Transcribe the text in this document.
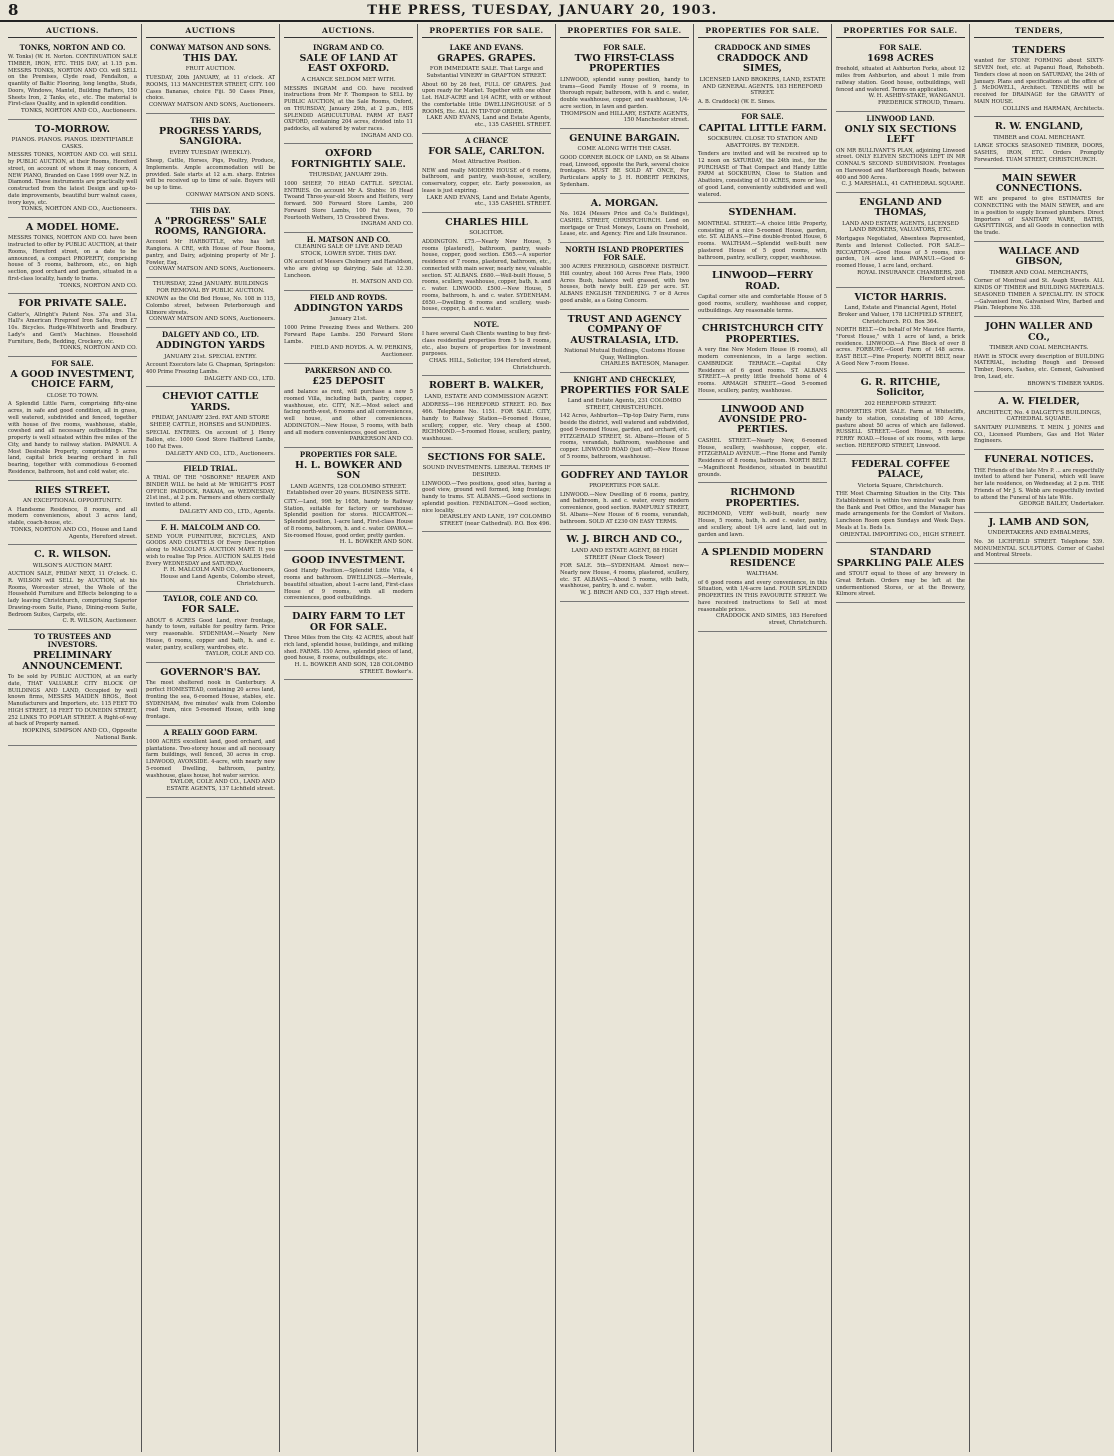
8	THE PRESS, TUESDAY, JANUARY 20, 1903.
AUCTIONS.
TONKS, NORTON AND CO.
W. Tonks) (W. H. Norton. CONTINUATION SALE TIMBER, IRON, ETC. THIS DAY, at 1.15 p.m. MESSRS TONKS, NORTON AND CO. will SELL on the Premises, Clyde road, Fendalton, a quantity of Baltic Flooring, long lengths, Studs, Doors, Windows, Mantel, Building Rafters, 150 Sheets Iron, 2 Tanks, etc., etc. The material is First-class Quality, and in splendid condition.
TONKS, NORTON AND CO., Auctioneers.
TO-MORROW.
PIANOS. PIANOS. PIANOS. IDENTIFIABLE CASKS.
MESSRS TONKS, NORTON AND CO. will SELL by PUBLIC AUCTION, at their Rooms, Hereford street, on account of whom it may concern, A NEW PIANO, Branded on Case 1999 over N.Z. in Diamond. These instruments are practically well constructed from the latest Design and up-to-date improvements, beautiful burr walnut cases, ivory keys, etc.
TONKS, NORTON AND CO., Auctioneers.
A MODEL HOME.
MESSRS TONKS, NORTON AND CO. have been instructed to offer by PUBLIC AUCTION, at their Rooms, Hereford street, on a date to be announced, a compact PROPERTY, comprising house of 5 rooms, bathroom, etc., on high section, good orchard and garden, situated in a first-class locality, handy to trams.
TONKS, NORTON AND CO.
FOR PRIVATE SALE.
Catter's, Allright's Patent Nos. 37a and 31a. Hall's American Fireproof Iron Safes, from £7 10s. Bicycles. Rudge-Whitworth and Bradbury. Lady's and Gent's Machines. Household Furniture, Beds, Bedding, Crockery, etc.
TONKS, NORTON AND CO.
FOR SALE.
A GOOD INVESTMENT, CHOICE FARM,
CLOSE TO TOWN.
A Splendid Little Farm, comprising fifty-nine acres, in safe and good condition, all in grass, well watered, subdivided and fenced, together with house of five rooms, washhouse, stable, cowshed and all necessary outbuildings. The property is well situated within five miles of the City, and handy to railway station. PAPANUI. A Most Desirable Property, comprising 5 acres land, capital brick bearing orchard in full bearing, together with commodious 6-roomed Residence, bathroom, hot and cold water, etc.
RIES STREET.
AN EXCEPTIONAL OPPORTUNITY.
A Handsome Residence, 8 rooms, and all modern conveniences, about 3 acres land, stable, coach-house, etc.
TONKS, NORTON AND CO., House and Land Agents, Hereford street.
C. R. WILSON.
WILSON'S AUCTION MART.
AUCTION SALE, FRIDAY NEXT, 11 O'clock. C. R. WILSON will SELL by AUCTION, at his Rooms, Worcester street, the Whole of the Household Furniture and Effects belonging to a lady leaving Christchurch, comprising Superior Drawing-room Suite, Piano, Dining-room Suite, Bedroom Suites, Carpets, etc.
C. R. WILSON, Auctioneer.
TO TRUSTEES AND INVESTORS.
PRELIMINARY ANNOUNCEMENT.
To be sold by PUBLIC AUCTION, at an early date, THAT VALUABLE CITY BLOCK OF BUILDINGS AND LAND, Occupied by well known firms, MESSRS MAIDEN BROS., Boot Manufacturers and Importers, etc. 115 FEET TO HIGH STREET, 18 FEET TO DUNEDIN STREET, 252 LINKS TO POPLAR STREET. A Right-of-way at back of Property named.
HOPKINS, SIMPSON AND CO., Opposite National Bank.
AUCTIONS
CONWAY MATSON AND SONS.
THIS DAY.
FRUIT AUCTION.
TUESDAY, 20th JANUARY, at 11 o'clock. AT ROOMS, 113 MANCHESTER STREET, CITY. 100 Cases Bananas, choice Fiji. 50 Cases Pines, choice.
CONWAY MATSON AND SONS, Auctioneers.
THIS DAY.
PROGRESS YARDS, SANGIORA.
EVERY TUESDAY (WEEKLY).
Sheep, Cattle, Horses, Pigs, Poultry, Produce, Implements. Ample accommodation will be provided. Sale starts at 12 a.m. sharp. Entries will be received up to time of sale. Buyers will be up to time.
CONWAY MATSON AND SONS.
THIS DAY.
A "PROGRESS" SALE ROOMS, RANGIORA.
Account Mr HARBOTTLE, who has left Rangiora. A CRE, with House of Four Rooms, pantry, and Dairy, adjoining property of Mr J. Fowler, Esq.
CONWAY MATSON AND SONS, Auctioneers.
THURSDAY, 22nd JANUARY. BUILDINGS FOR REMOVAL BY PUBLIC AUCTION.
KNOWN as the Old Bed House, No. 108 in 115, Colombo street, between Peterborough and Kilmore streets.
CONWAY MATSON AND SONS, Auctioneers.
DALGETY AND CO., LTD.
ADDINGTON YARDS
JANUARY 21st. SPECIAL ENTRY.
Account Executors late G. Chapman, Springston: 400 Prime Freezing Lambs.
DALGETY AND CO., LTD.
CHEVIOT CATTLE YARDS.
FRIDAY, JANUARY 23rd. FAT AND STORE SHEEP, CATTLE, HORSES and SUNDRIES.
SPECIAL ENTRIES. On account of J. Henry Ballon, etc. 1000 Good Store Halfbred Lambs, 100 Fat Ewes.
DALGETY AND CO., LTD., Auctioneers.
FIELD TRIAL.
A TRIAL OF THE "OSBORNE" REAPER AND BINDER WILL be held at Mr WRIGHT'S POST OFFICE PADDOCK, RAKAIA, on WEDNESDAY, 21st inst., at 2 p.m. Farmers and others cordially invited to attend.
DALGETY AND CO., LTD., Agents.
F. H. MALCOLM AND CO.
SEND YOUR FURNITURE, BICYCLES, AND GOODS AND CHATTELS Of Every Description along to MALCOLM'S AUCTION MART. It you wish to realise Top Price. AUCTION SALES Held Every WEDNESDAY and SATURDAY.
F. H. MALCOLM AND CO., Auctioneers, House and Land Agents, Colombo street, Christchurch.
TAYLOR, COLE AND CO.
FOR SALE.
ABOUT 6 ACRES Good Land, river frontage, handy to town, suitable for poultry farm. Price very reasonable. SYDENHAM.—Nearly New House, 6 rooms, copper and bath, h. and c. water, pantry, scullery, wardrobes, etc.
TAYLOR, COLE AND CO.
GOVERNOR'S BAY.
The most sheltered nook in Canterbury. A perfect HOMESTEAD, containing 20 acres land, fronting the sea, 6-roomed House, stables, etc. SYDENHAM, five minutes' walk from Colombo road tram, nice 5-roomed House, with long frontage.
A REALLY GOOD FARM.
1000 ACRES excellent land, good orchard, and plantations. Two-storey house and all necessary farm buildings, well fenced, 30 acres in crop. LINWOOD, AVONSIDE. 4-acre, with nearly new 5-roomed Dwelling, bathroom, pantry, washhouse, glass house, hot water service.
TAYLOR, COLE AND CO., LAND AND ESTATE AGENTS, 137 Lichfield street.
AUCTIONS.
INGRAM AND CO.
SALE OF LAND AT EAST OXFORD.
A CHANCE SELDOM MET WITH.
MESSRS INGRAM and CO. have received instructions from Mr F. Thompson to SELL by PUBLIC AUCTION, at the Sale Rooms, Oxford, on THURSDAY, January 29th, at 2 p.m., HIS SPLENDID AGRICULTURAL FARM AT EAST OXFORD, containing 204 acres, divided into 11 paddocks, all watered by water races.
INGRAM AND CO.
OXFORD FORTNIGHTLY SALE.
THURSDAY, JANUARY 29th.
1000 SHEEP, 70 HEAD CATTLE. SPECIAL ENTRIES. On account Mr A. Stubbs: 16 Head Twoand Three-year-old Steers and Heifers, very forward. 500 Forward Store Lambs, 200 Forward Store Lambs, 100 Fat Ewes, 70 Fourtooth Wethers, 15 Crossbred Ewes.
INGRAM AND CO.
H. MATSON AND CO.
CLEARING SALE OF LIVE AND DEAD STOCK, LOWER SYDE. THIS DAY.
ON account of Messrs Cholmery and Haraldson, who are giving up dairying. Sale at 12.30. Luncheon.
H. MATSON AND CO.
FIELD AND ROYDS.
ADDINGTON YARDS
January 21st.
1000 Prime Freezing Ewes and Wethers. 200 Forward Rape Lambs. 250 Forward Store Lambs.
FIELD AND ROYDS. A. W. PERKINS, Auctioneer.
PARKERSON AND CO.
£25 DEPOSIT
and balance as rent, will purchase a new 5 roomed Villa, including bath, pantry, copper, washhouse, etc. CITY, N.E.—Most select and facing north-west, 6 rooms and all conveniences, well house, and other conveniences. ADDINGTON.—New House, 5 rooms, with bath and all modern conveniences, good section.
PARKERSON AND CO.
PROPERTIES FOR SALE.
H. L. BOWKER AND SON
LAND AGENTS, 128 COLOMBO STREET. Established over 20 years. BUSINESS SITE.
CITY.—Land, 99ft by 165ft, handy to Railway Station, suitable for factory or warehouse. Splendid position for stores. RICCARTON.—Splendid position, 1-acre land, First-class House of 8 rooms, bathroom, h. and c. water. OPAWA.—Six-roomed House, good order, pretty garden.
H. L. BOWKER AND SON.
GOOD INVESTMENT.
Good Handy Position.—Splendid Little Villa, 4 rooms and bathroom. DWELLINGS.—Merivale, beautiful situation, about 1-acre land, First-class House of 9 rooms, with all modern conveniences, good outbuildings.
DAIRY FARM TO LET OR FOR SALE.
Three Miles from the City. 42 ACRES, about half rich land, splendid house, buildings, and milking shed. FARMS. 150 Acres, splendid piece of land, good house, 8 rooms, outbuildings, etc.
H. L. BOWKER AND SON, 128 COLOMBO STREET. Bowker's.
PROPERTIES FOR SALE.
LAKE AND EVANS.
GRAPES. GRAPES.
FOR IMMEDIATE SALE. That Large and Substantial VINERY in GRAFTON STREET.
About 60 by 26 feet, FULL OF GRAPES. Just upon ready for Market. Together with one other Lot. HALF-ACRE and 1/4 ACRE, with or without the comfortable little DWELLINGHOUSE of 5 ROOMS, Etc. ALL IN TIP-TOP ORDER.
LAKE AND EVANS, Land and Estate Agents, etc., 135 CASHEL STREET.
A CHANCE
FOR SALE, CARLTON.
Most Attractive Position.
NEW and really MODERN HOUSE of 6 rooms, bathroom, and pantry, wash-house, scullery, conservatory, copper, etc. Early possession, as lease is just expiring.
LAKE AND EVANS, Land and Estate Agents, etc., 135 CASHEL STREET.
CHARLES HILL
SOLICITOR.
ADDINGTON. £75.—Nearly New House, 5 rooms (plastered), bathroom, pantry, wash-house, copper, good section. £565.—A superior residence of 7 rooms, plastered, bathroom, etc., connected with main sewer, nearly new, valuable section. ST. ALBANS. £680.—Well-built House, 5 rooms, scullery, washhouse, copper, bath, h. and c. water. LINWOOD. £500.—New House, 5 rooms, bathroom, h. and c. water. SYDENHAM. £650.—Dwelling 6 rooms and scullery, wash-house, copper, h. and c. water.
NOTE.
I have several Cash Clients wanting to buy first-class residential properties from 5 to 8 rooms, etc., also buyers of properties for investment purposes.
CHAS. HILL, Solicitor, 194 Hereford street, Christchurch.
ROBERT B. WALKER,
LAND, ESTATE AND COMMISSION AGENT.
ADDRESS—196 HEREFORD STREET. P.O. Box 466. Telephone No. 1151. FOR SALE. CITY, handy to Railway Station—8-roomed House, scullery, copper, etc. Very cheap at £500. RICHMOND.—5-roomed House, scullery, pantry, washhouse.
SECTIONS FOR SALE.
SOUND INVESTMENTS. LIBERAL TERMS IF DESIRED.
LINWOOD.—Two positions, good sites, having a good view, ground well formed, long frontage; handy to trams. ST. ALBANS.—Good sections in splendid position. FENDALTON.—Good section, nice locality.
DEARSLEY AND LANE, 197 COLOMBO STREET (near Cathedral). P.O. Box 496.
PROPERTIES FOR SALE.
FOR SALE.
TWO FIRST-CLASS PROPERTIES
LINWOOD, splendid sunny position, handy to trams—Good Family House of 9 rooms, in thorough repair, bathroom, with h. and c. water, double washhouse, copper, and washhouse, 1/4-acre section, in lawn and garden.
THOMPSON and HILLARY, ESTATE AGENTS, 150 Manchester street.
GENUINE BARGAIN.
COME ALONG WITH THE CASH.
GOOD CORNER BLOCK OF LAND, on St Albans road, Linwood, opposite the Park, several choice frontages. MUST BE SOLD AT ONCE, For Particulars apply to J. H. ROBERT PERKINS, Sydenham.
A. MORGAN.
No. 1624 (Messrs Price and Co.'s Buildings), CASHEL STREET, CHRISTCHURCH. Lend on mortgage or Trust Moneys, Loans on Freehold, Lease, etc. and Agency. Fire and Life Insurance.
NORTH ISLAND PROPERTIES FOR SALE.
300 ACRES FREEHOLD, GISBORNE DISTRICT. Hill country, about 160 Acres Free Flats, 1900 Acres Bush, balance well grassed, with two houses, both newly built. £29 per acre. ST. ALBANS ENGLISH TENDERING. 7 or 8 Acres good arable, as a Going Concern.
TRUST AND AGENCY COMPANY OF AUSTRALASIA, LTD.
National Mutual Buildings, Customs House Quay, Wellington.
CHARLES BATESON, Manager.
KNIGHT AND CHECKLEY,
PROPERTIES FOR SALE
Land and Estate Agents, 231 COLOMBO STREET, CHRISTCHURCH.
142 Acres, Ashburton—Tip-top Dairy Farm, runs beside the district, well watered and subdivided, good 9-roomed House, garden, and orchard, etc. FITZGERALD STREET, St. Albans—House of 5 rooms, verandah, bathroom, washhouse and copper. LINWOOD ROAD (just off)—New House of 5 rooms, bathroom, washhouse.
GODFREY AND TAYLOR
PROPERTIES FOR SALE.
LINWOOD.—New Dwelling of 6 rooms, pantry, and bathroom, h. and c. water, every modern convenience, good section. RAMFURLY STREET, St. Albans—New House of 6 rooms, verandah, bathroom. SOLD AT £230 ON EASY TERMS.
W. J. BIRCH AND CO.,
LAND AND ESTATE AGENT, 88 HIGH STREET (Near Clock Tower)
FOR SALE. 5th—SYDENHAM. Almost new—Nearly new House, 4 rooms, plastered, scullery, etc. ST. ALBANS.—About 5 rooms, with bath, washhouse, pantry, h. and c. water.
W. J. BIRCH AND CO., 337 High street.
PROPERTIES FOR SALE.
CRADDOCK AND SIMES
CRADDOCK AND SIMES,
LICENSED LAND BROKERS, LAND, ESTATE AND GENERAL AGENTS. 183 HEREFORD STREET.
A. B. Craddock) (W. E. Simes.
FOR SALE.
CAPITAL LITTLE FARM.
SOCKBURN. CLOSE TO STATION AND ABATTOIRS. BY TENDER.
Tenders are invited and will be received up to 12 noon on SATURDAY, the 24th inst., for the PURCHASE of That Compact and Handy Little FARM at SOCKBURN, Close to Station and Abattoirs, consisting of 10 ACRES, more or less, of good Land, conveniently subdivided and well watered.
SYDENHAM.
MONTREAL STREET.—A choice little Property, consisting of a nice 5-roomed House, garden, etc. ST. ALBANS.—Fine double-fronted House, 6 rooms. WALTHAM.—Splendid well-built new plastered House of 5 good rooms, with bathroom, pantry, scullery, copper, washhouse.
LINWOOD—FERRY ROAD.
Capital corner site and comfortable House of 5 good rooms, scullery, washhouse and copper, outbuildings. Any reasonable terms.
CHRISTCHURCH CITY PROPERTIES.
A very fine New Modern House (6 rooms), all modern conveniences, in a large section. CAMBRIDGE TERRACE.—Capital City Residence of 6 good rooms. ST. ALBANS STREET.—A pretty little freehold home of 4 rooms. ARMAGH STREET.—Good 5-roomed House, scullery, pantry, washhouse.
LINWOOD AND AVONSIDE PRO-PERTIES.
CASHEL STREET.—Nearly New, 6-roomed House, scullery, washhouse, copper, etc. FITZGERALD AVENUE.—Fine Home and Family Residence of 8 rooms, bathroom. NORTH BELT.—Magnificent Residence, situated in beautiful grounds.
RICHMOND PROPERTIES.
RICHMOND, VERY well-built, nearly new House, 5 rooms, bath, h. and c. water, pantry, and scullery, about 1/4 acre land, laid out in garden and lawn.
A SPLENDID MODERN RESIDENCE
WALTHAM.
of 6 good rooms and every convenience, in this Situation, with 1/4-acre land. FOUR SPLENDID PROPERTIES IN THIS FAVOURITE STREET. We have received instructions to Sell at most reasonable prices.
CRADDOCK AND SIMES, 183 Hereford street, Christchurch.
PROPERTIES FOR SALE.
FOR SALE.
1698 ACRES
freehold, situated at Ashburton Forks, about 12 miles from Ashburton, and about 1 mile from railway station. Good house, outbuildings, well fenced and watered. Terms on application.
W. H. ASHBY-STAKE, WANGANUI. FREDERICK STROUD, Timaru.
LINWOOD LAND.
ONLY SIX SECTIONS LEFT
ON MR BULLIVANT'S PLAN, adjoining Linwood street. ONLY ELEVEN SECTIONS LEFT IN MR CONNAL'S SECOND SUBDIVISION. Frontages on Harewood and Marlborough Roads, between 400 and 500 Acres.
C. J. MARSHALL, 41 CATHEDRAL SQUARE.
ENGLAND AND THOMAS,
LAND AND ESTATE AGENTS, LICENSED LAND BROKERS, VALUATORS, ETC.
Mortgages Negotiated, Absentees Represented, Rents and Interest Collected. FOR SALE—RICCARTON.—Good House of 5 rooms, nice garden, 1/4 acre land. PAPANUI.—Good 6-roomed House, 1 acre land, orchard.
ROYAL INSURANCE CHAMBERS, 208 Hereford street.
VICTOR HARRIS.
Land, Estate and Financial Agent, Hotel Broker and Valuer, 178 LICHFIELD STREET, Christchurch. P.O. Box 364.
NORTH BELT.—On behalf of Mr Maurice Harris, "Forest House," with 1 acre of land, a brick residence. LINWOOD.—A Fine Block of over 8 acres. FORBURY.—Good Farm of 148 acres. EAST BELT.—Fine Property. NORTH BELT, near A Good New 7-room House.
G. R. RITCHIE, Solicitor,
202 HEREFORD STREET.
PROPERTIES FOR SALE. Farm at Whitecliffs, handy to station, consisting of 180 Acres, pasture about 50 acres of which are fallowed. RUSSELL STREET.—Good House, 5 rooms. FERRY ROAD.—House of six rooms, with large section. HEREFORD STREET, Linwood.
FEDERAL COFFEE PALACE,
Victoria Square, Christchurch.
THE Most Charming Situation in the City. This Establishment is within two minutes' walk from the Bank and Post Office, and the Manager has made arrangements for the Comfort of Visitors. Luncheon Room open Sundays and Week Days. Meals at 1s. Beds 1s.
ORIENTAL IMPORTING CO., HIGH STREET.
STANDARD SPARKLING PALE ALES
and STOUT equal to those of any brewery in Great Britain. Orders may be left at the undermentioned Stores, or at the Brewery, Kilmore street.
TENDERS,
TENDERS
wanted for STONE FORMING about SIXTY-SEVEN feet, etc. at Papanui Road, Rehoboth. Tenders close at noon on SATURDAY, the 24th of January. Plans and specifications at the office of J. McDOWELL, Architect. TENDERS will be received for DRAINAGE for the GRAVITY of MAIN HOUSE.
COLLINS and HARMAN, Architects.
R. W. ENGLAND,
TIMBER and COAL MERCHANT.
LARGE STOCKS SEASONED TIMBER, DOORS, SASHES, IRON, ETC. Orders Promptly Forwarded. TUAM STREET, CHRISTCHURCH.
MAIN SEWER CONNECTIONS.
WE are prepared to give ESTIMATES for CONNECTING with the MAIN SEWER, and are in a position to supply licensed plumbers. Direct Importers of SANITARY WARE, BATHS, GASFITTINGS, and all Goods in connection with the trade.
WALLACE AND GIBSON,
TIMBER AND COAL MERCHANTS,
Corner of Montreal and St. Asaph Streets. ALL KINDS OF TIMBER and BUILDING MATERIALS. SEASONED TIMBER A SPECIALITY. IN STOCK—Galvanised Iron, Galvanised Wire, Barbed and Plain. Telephone No. 338.
JOHN WALLER AND CO.,
TIMBER AND COAL MERCHANTS.
HAVE in STOCK every description of BUILDING MATERIAL, including Rough and Dressed Timber, Doors, Sashes, etc. Cement, Galvanised Iron, Lead, etc.
BROWN'S TIMBER YARDS.
A. W. FIELDER,
ARCHITECT, No. 4 DALGETY'S BUILDINGS, CATHEDRAL SQUARE.
SANITARY PLUMBERS. T. MEIN. J. JONES and CO., Licensed Plumbers, Gas and Hot Water Engineers.
FUNERAL NOTICES.
THE Friends of the late Mrs P. ... are respectfully invited to attend her Funeral, which will leave her late residence, on Wednesday, at 2 p.m. THE Friends of Mr J. S. Webb are respectfully invited to attend the Funeral of his late Wife.
GEORGE BAILEY, Undertaker.
J. LAMB AND SON,
UNDERTAKERS AND EMBALMERS,
No. 36 LICHFIELD STREET. Telephone 539. MONUMENTAL SCULPTORS. Corner of Cashel and Montreal Streets.
